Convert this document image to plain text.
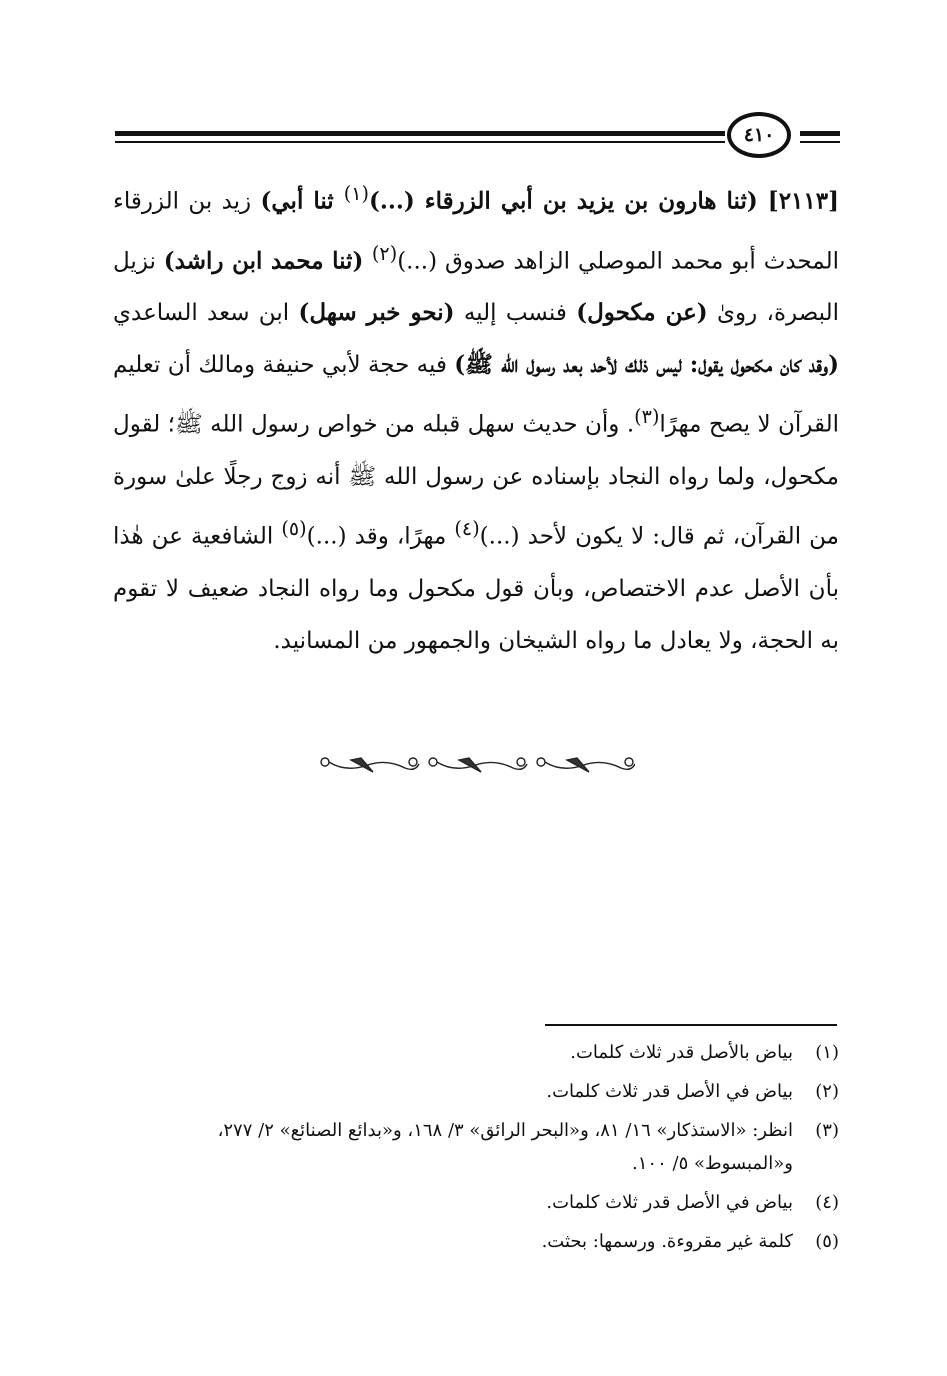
٤١٠
[٢١١٣] (ثنا هارون بن يزيد بن أبي الزرقاء (...)$^{(١)}$ ثنا أبي) زيد بن الزرقاء المحدث أبو محمد الموصلي الزاهد صدوق (...)$^{(٢)}$ (ثنا محمد ابن راشد) نزيل البصرة، روىٰ (عن مكحول) فنسب إليه (نحو خبر سهل) ابن سعد الساعدي (وقد كان مكحول يقول: ليس ذلك لأحد بعد رسول الله ﷺ) فيه حجة لأبي حنيفة ومالك أن تعليم القرآن لا يصح مهرًا$^{(٣)}$. وأن حديث سهل قبله من خواص رسول الله ﷺ؛ لقول مكحول، ولما رواه النجاد بإسناده عن رسول الله ﷺ أنه زوج رجلًا علىٰ سورة من القرآن، ثم قال: لا يكون لأحد (...)$^{(٤)}$ مهرًا، وقد (...)$^{(٥)}$ الشافعية عن هٰذا بأن الأصل عدم الاختصاص، وبأن قول مكحول وما رواه النجاد ضعيف لا تقوم به الحجة، ولا يعادل ما رواه الشيخان والجمهور من المسانيد.
(١)
بياض بالأصل قدر ثلاث كلمات.
(٢)
بياض في الأصل قدر ثلاث كلمات.
(٣)
انظر: «الاستذكار» ١٦/ ٨١، و«البحر الرائق» ٣/ ١٦٨، و«بدائع الصنائع» ٢/ ٢٧٧، و«المبسوط» ٥/ ١٠٠.
(٤)
بياض في الأصل قدر ثلاث كلمات.
(٥)
كلمة غير مقروءة. ورسمها: بحثت.
